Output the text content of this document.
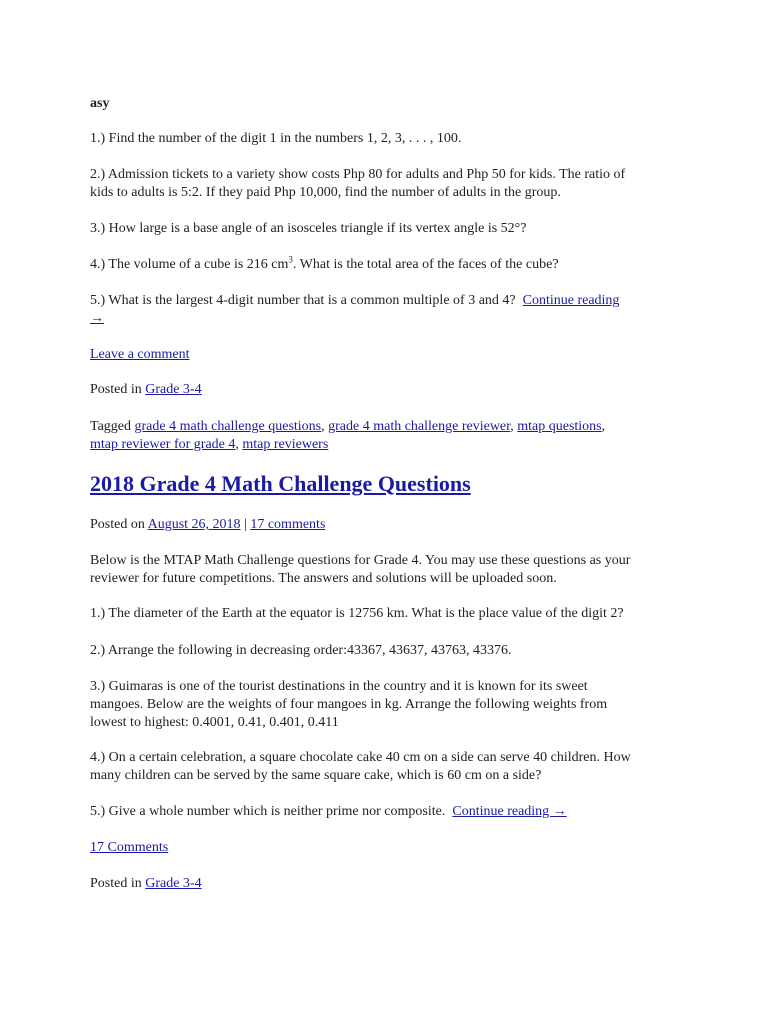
asy

1.) Find the number of the digit 1 in the numbers 1, 2, 3, . . . , 100.

2.) Admission tickets to a variety show costs Php 80 for adults and Php 50 for kids. The ratio of
kids to adults is 5:2. If they paid Php 10,000, find the number of adults in the group.

3.) How large is a base angle of an isosceles triangle if its vertex angle is 52°?

4.) The volume of a cube is 216 $cm^3$. What is the total area of the faces of the cube?

5.) What is the largest 4-digit number that is a common multiple of 3 and 4? Continue reading
→

Leave a comment

Posted in Grade 3-4

Tagged grade 4 math challenge questions, grade 4 math challenge reviewer, mtap questions,
mtap reviewer for grade 4, mtap reviewers

2018 Grade 4 Math Challenge Questions

Posted on August 26, 2018 | 17 comments

Below is the MTAP Math Challenge questions for Grade 4. You may use these questions as your
reviewer for future competitions. The answers and solutions will be uploaded soon.

1.) The diameter of the Earth at the equator is 12756 km. What is the place value of the digit 2?

2.) Arrange the following in decreasing order:43367, 43637, 43763, 43376.

3.) Guimaras is one of the tourist destinations in the country and it is known for its sweet
mangoes. Below are the weights of four mangoes in kg. Arrange the following weights from
lowest to highest: 0.4001, 0.41, 0.401, 0.411

4.) On a certain celebration, a square chocolate cake 40 cm on a side can serve 40 children. How
many children can be served by the same square cake, which is 60 cm on a side?

5.) Give a whole number which is neither prime nor composite. Continue reading →

17 Comments

Posted in Grade 3-4
